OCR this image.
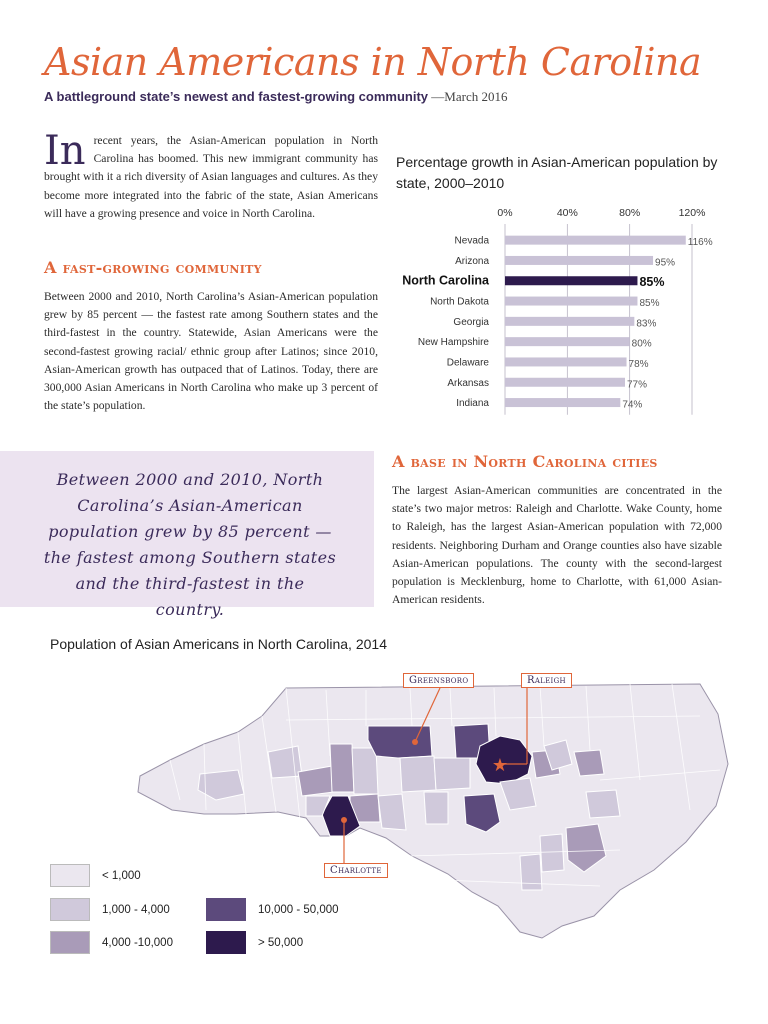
Asian Americans in North Carolina
A battleground state’s newest and fastest-growing community —March 2016
In recent years, the Asian-American population in North Carolina has boomed. This new immigrant community has brought with it a rich diversity of Asian languages and cultures. As they become more integrated into the fabric of the state, Asian Americans will have a growing presence and voice in North Carolina.
A fast-growing community
Between 2000 and 2010, North Carolina’s Asian-American population grew by 85 percent — the fastest rate among Southern states and the third-fastest in the country. Statewide, Asian Americans were the second-fastest growing racial/ ethnic group after Latinos; since 2010, Asian-American growth has outpaced that of Latinos. Today, there are 300,000 Asian Americans in North Carolina who make up 3 percent of the state’s population.
Between 2000 and 2010, North Carolina’s Asian-American population grew by 85 percent — the fastest among Southern states and the third-fastest in the country.
A base in North Carolina cities
The largest Asian-American communities are concentrated in the state’s two major metros: Raleigh and Charlotte. Wake County, home to Raleigh, has the largest Asian-American population with 72,000 residents. Neighboring Durham and Orange counties also have sizable Asian-American populations. The county with the second-largest population is Mecklenburg, home to Charlotte, with 61,000 Asian-American residents.
Percentage growth in Asian-American population by state, 2000–2010
0%	40%	80%	120%
Nevada	116%
Arizona	95%
North Carolina	85%
North Dakota	85%
Georgia	83%
New Hampshire	80%
Delaware	78%
Arkansas	77%
Indiana	74%
Population of Asian Americans in North Carolina, 2014
★
Greensboro	Raleigh
Charlotte
< 1,000
1,000 - 4,000
4,000 -10,000
10,000 - 50,000
> 50,000
